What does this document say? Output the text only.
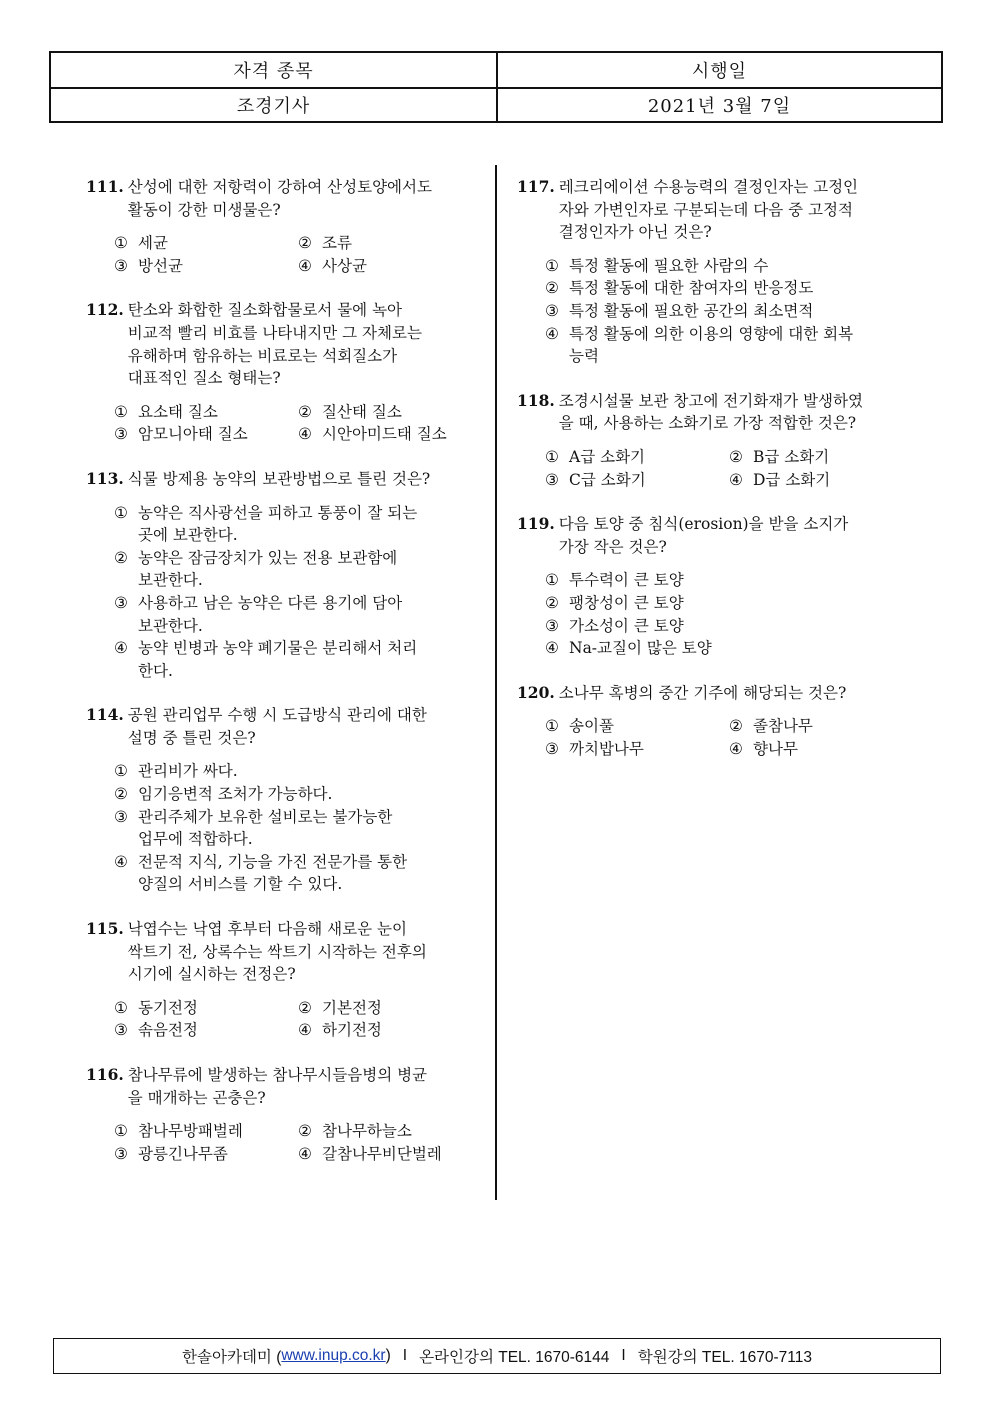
자격 종목	시행일
조경기사	2021년 3월 7일
111. 산성에 대한 저항력이 강하여 산성토양에서도
활동이 강한 미생물은?
① 세균	② 조류
③ 방선균	④ 사상균
112. 탄소와 화합한 질소화합물로서 물에 녹아
비교적 빨리 비효를 나타내지만 그 자체로는
유해하며 함유하는 비료로는 석회질소가
대표적인 질소 형태는?
① 요소태 질소	② 질산태 질소
③ 암모니아태 질소	④ 시안아미드태 질소
113. 식물 방제용 농약의 보관방법으로 틀린 것은?
① 농약은 직사광선을 피하고 통풍이 잘 되는
곳에 보관한다.
② 농약은 잠금장치가 있는 전용 보관함에
보관한다.
③ 사용하고 남은 농약은 다른 용기에 담아
보관한다.
④ 농약 빈병과 농약 폐기물은 분리해서 처리
한다.
114. 공원 관리업무 수행 시 도급방식 관리에 대한
설명 중 틀린 것은?
① 관리비가 싸다.
② 임기응변적 조처가 가능하다.
③ 관리주체가 보유한 설비로는 불가능한
업무에 적합하다.
④ 전문적 지식, 기능을 가진 전문가를 통한
양질의 서비스를 기할 수 있다.
115. 낙엽수는 낙엽 후부터 다음해 새로운 눈이
싹트기 전, 상록수는 싹트기 시작하는 전후의
시기에 실시하는 전정은?
① 동기전정	② 기본전정
③ 솎음전정	④ 하기전정
116. 참나무류에 발생하는 참나무시들음병의 병균
을 매개하는 곤충은?
① 참나무방패벌레	② 참나무하늘소
③ 광릉긴나무좀	④ 갈참나무비단벌레
117. 레크리에이션 수용능력의 결정인자는 고정인
자와 가변인자로 구분되는데 다음 중 고정적
결정인자가 아닌 것은?
① 특정 활동에 필요한 사람의 수
② 특정 활동에 대한 참여자의 반응정도
③ 특정 활동에 필요한 공간의 최소면적
④ 특정 활동에 의한 이용의 영향에 대한 회복
능력
118. 조경시설물 보관 창고에 전기화재가 발생하였
을 때, 사용하는 소화기로 가장 적합한 것은?
① A급 소화기	② B급 소화기
③ C급 소화기	④ D급 소화기
119. 다음 토양 중 침식(erosion)을 받을 소지가
가장 작은 것은?
① 투수력이 큰 토양
② 팽창성이 큰 토양
③ 가소성이 큰 토양
④ Na-교질이 많은 토양
120. 소나무 혹병의 중간 기주에 해당되는 것은?
① 송이풀	② 졸참나무
③ 까치밥나무	④ 향나무
한솔아카데미 ( www.inup.co.kr ) I 온라인강의 TEL. 1670-6144 I 학원강의 TEL. 1670-7113
